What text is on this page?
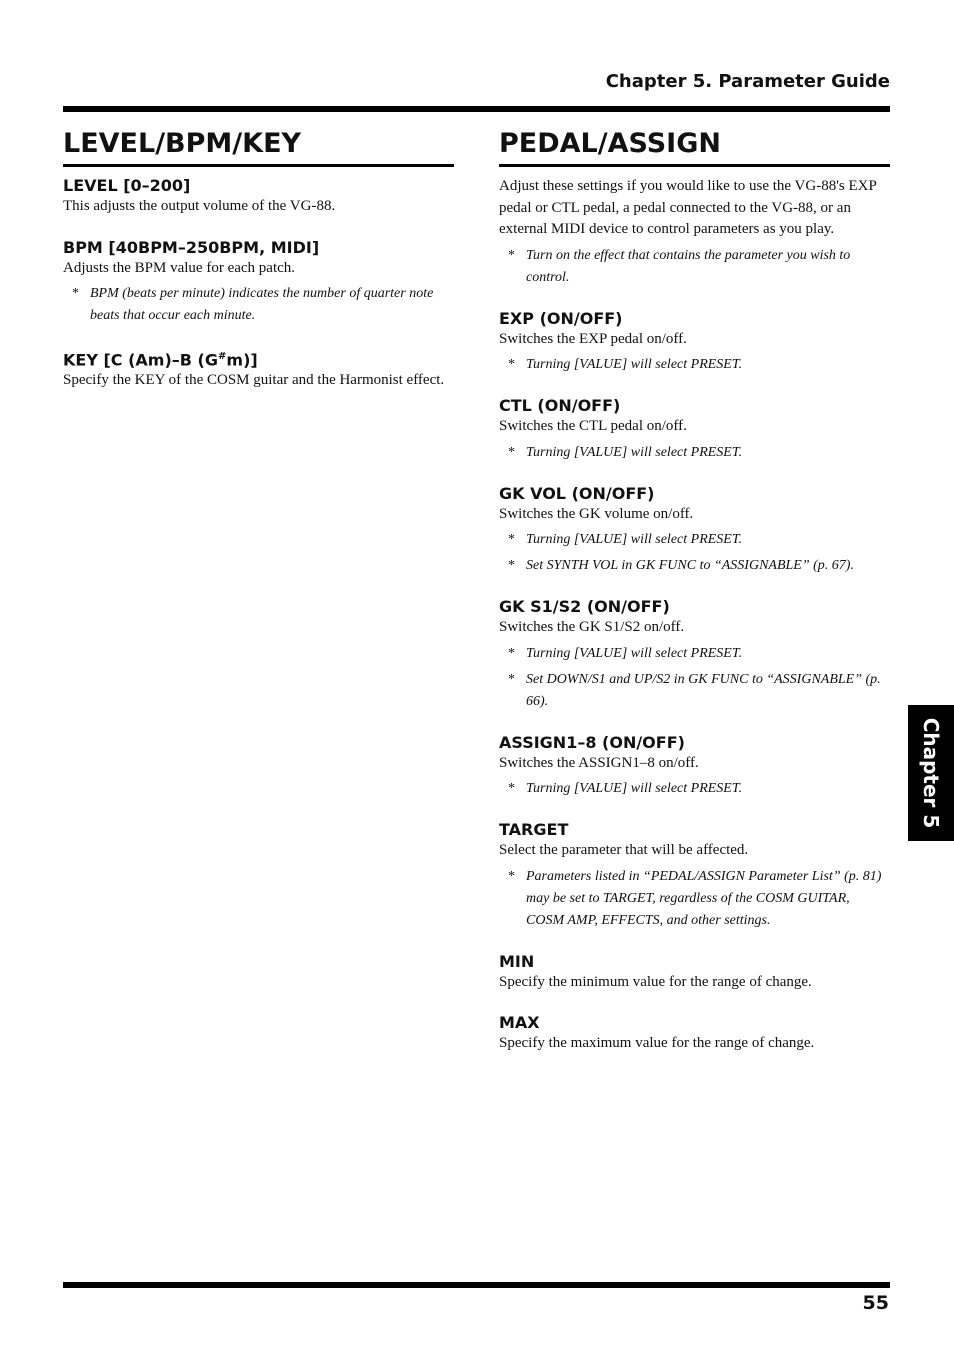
Chapter 5. Parameter Guide
LEVEL/BPM/KEY
LEVEL [0–200]

This adjusts the output volume of the VG-88.

BPM [40BPM–250BPM, MIDI]

Adjusts the BPM value for each patch.

* BPM (beats per minute) indicates the number of quarter note beats that occur each minute.
KEY [C (Am)–B (G#m)]

Specify the KEY of the COSM guitar and the Harmonist effect.

PEDAL/ASSIGN

Adjust these settings if you would like to use the VG-88's EXP pedal or CTL pedal, a pedal connected to the VG-88, or an external MIDI device to control parameters as you play.

* Turn on the effect that contains the parameter you wish to control.
EXP (ON/OFF)

Switches the EXP pedal on/off.

* Turning [VALUE] will select PRESET.
CTL (ON/OFF)

Switches the CTL pedal on/off.

* Turning [VALUE] will select PRESET.
GK VOL (ON/OFF)

Switches the GK volume on/off.

* Turning [VALUE] will select PRESET.
* Set SYNTH VOL in GK FUNC to “ASSIGNABLE” (p. 67).
GK S1/S2 (ON/OFF)

Switches the GK S1/S2 on/off.

* Turning [VALUE] will select PRESET.
* Set DOWN/S1 and UP/S2 in GK FUNC to “ASSIGNABLE” (p. 66).
ASSIGN1–8 (ON/OFF)

Switches the ASSIGN1–8 on/off.

* Turning [VALUE] will select PRESET.
TARGET

Select the parameter that will be affected.

* Parameters listed in “PEDAL/ASSIGN Parameter List” (p. 81) may be set to TARGET, regardless of the COSM GUITAR, COSM AMP, EFFECTS, and other settings.
MIN

Specify the minimum value for the range of change.

MAX

Specify the maximum value for the range of change.

Chapter 5
55
